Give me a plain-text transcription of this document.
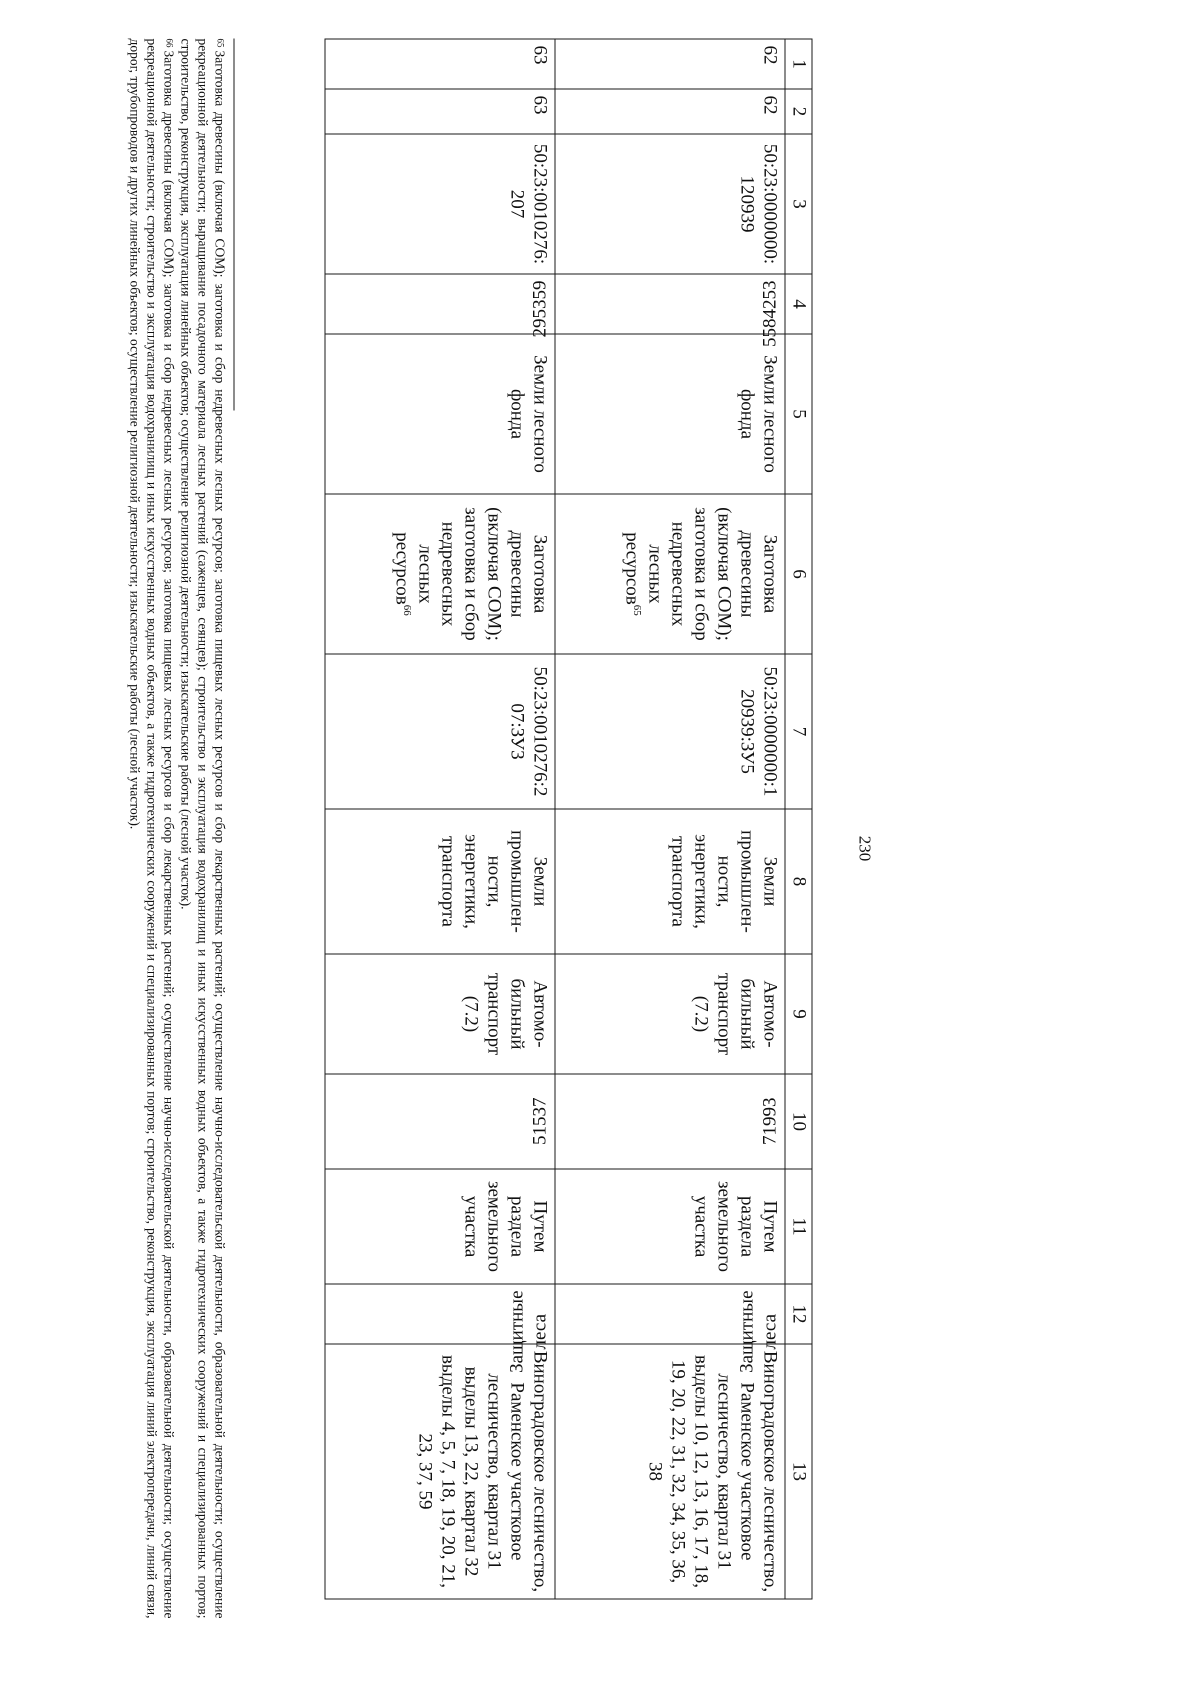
230
1	2	3	4	5	6	7	8	9	10	11	12	13
62	62	50:23:0000000: 120939	5584253	Земли лесного фонда	Заготовка древесины (включая СОМ); заготовка и сбор недревесных лесных ресурсов$^{65}$	50:23:0000000:1 20939:ЗУ5	Земли промышлен- ности, энергетики, транспорта	Автомо- бильный транспорт (7.2)	71993	Путем раздела земельного участка	Защитные леса	Виноградовское лесничество, Раменское участковое лесничество, квартал 31 выделы 10, 12, 13, 16, 17, 18, 19, 20, 22, 31, 32, 34, 35, 36, 38
63	63	50:23:0010276: 207	295359	Земли лесного фонда	Заготовка древесины (включая СОМ); заготовка и сбор недревесных лесных ресурсов$^{66}$	50:23:0010276:2 07:ЗУ3	Земли промышлен- ности, энергетики, транспорта	Автомо- бильный транспорт (7.2)	51537	Путем раздела земельного участка	Защитные леса	Виноградовское лесничество, Раменское участковое лесничество, квартал 31 выделы 13, 22, квартал 32 выделы 4, 5, 7, 18, 19, 20, 21, 23, 37, 59

$^{65}$Заготовка древесины (включая СОМ); заготовка и сбор недревесных лесных ресурсов; заготовка пищевых лесных ресурсов и сбор лекарственных растений; осуществление научно-исследовательской деятельности, образовательной деятельности; осуществление рекреационной деятельности; выращивание посадочного материала лесных растений (саженцев, сеянцев); строительство и эксплуатация водохранилищ и иных искусственных водных объектов, а также гидротехнических сооружений и специализированных портов; строительство, реконструкция, эксплуатация линейных объектов; осуществление религиозной деятельности; изыскательские работы (лесной участок).

$^{66}$Заготовка древесины (включая СОМ); заготовка и сбор недревесных лесных ресурсов; заготовка пищевых лесных ресурсов и сбор лекарственных растений; осуществление научно-исследовательской деятельности, образовательной деятельности; осуществление рекреационной деятельности; строительство и эксплуатация водохранилищ и иных искусственных водных объектов, а также гидротехнических сооружений и специализированных портов; строительство, реконструкция, эксплуатация линий электропередачи, линий связи, дорог, трубопроводов и других линейных объектов; осуществление религиозной деятельности; изыскательские работы (лесной участок).
